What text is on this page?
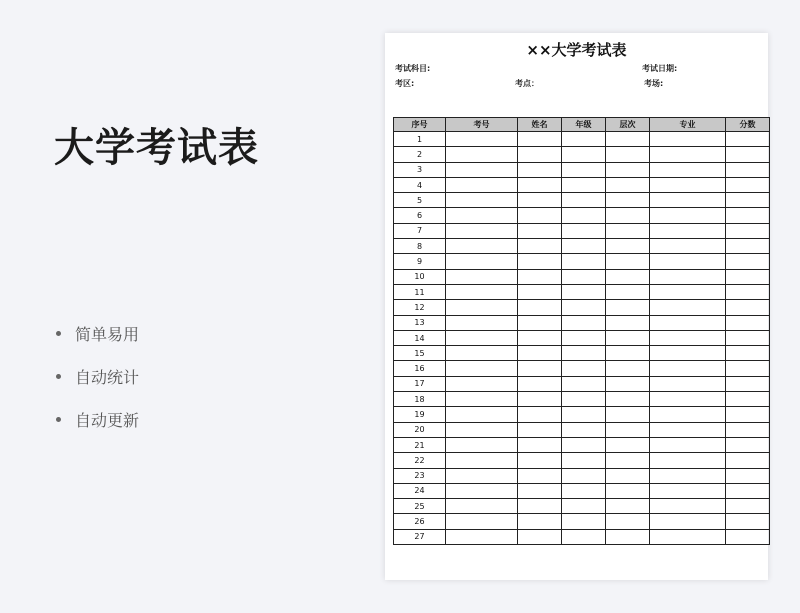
大学考试表
简单易用
自动统计
自动更新
××大学考试表
考试科目:	考试日期:
考区:	考点：	考场:
序号	考号	姓名	年级	层次	专业	分数
1						
2						
3						
4						
5						
6						
7						
8						
9						
10						
11						
12						
13						
14						
15						
16						
17						
18						
19						
20						
21						
22						
23						
24						
25						
26						
27						
